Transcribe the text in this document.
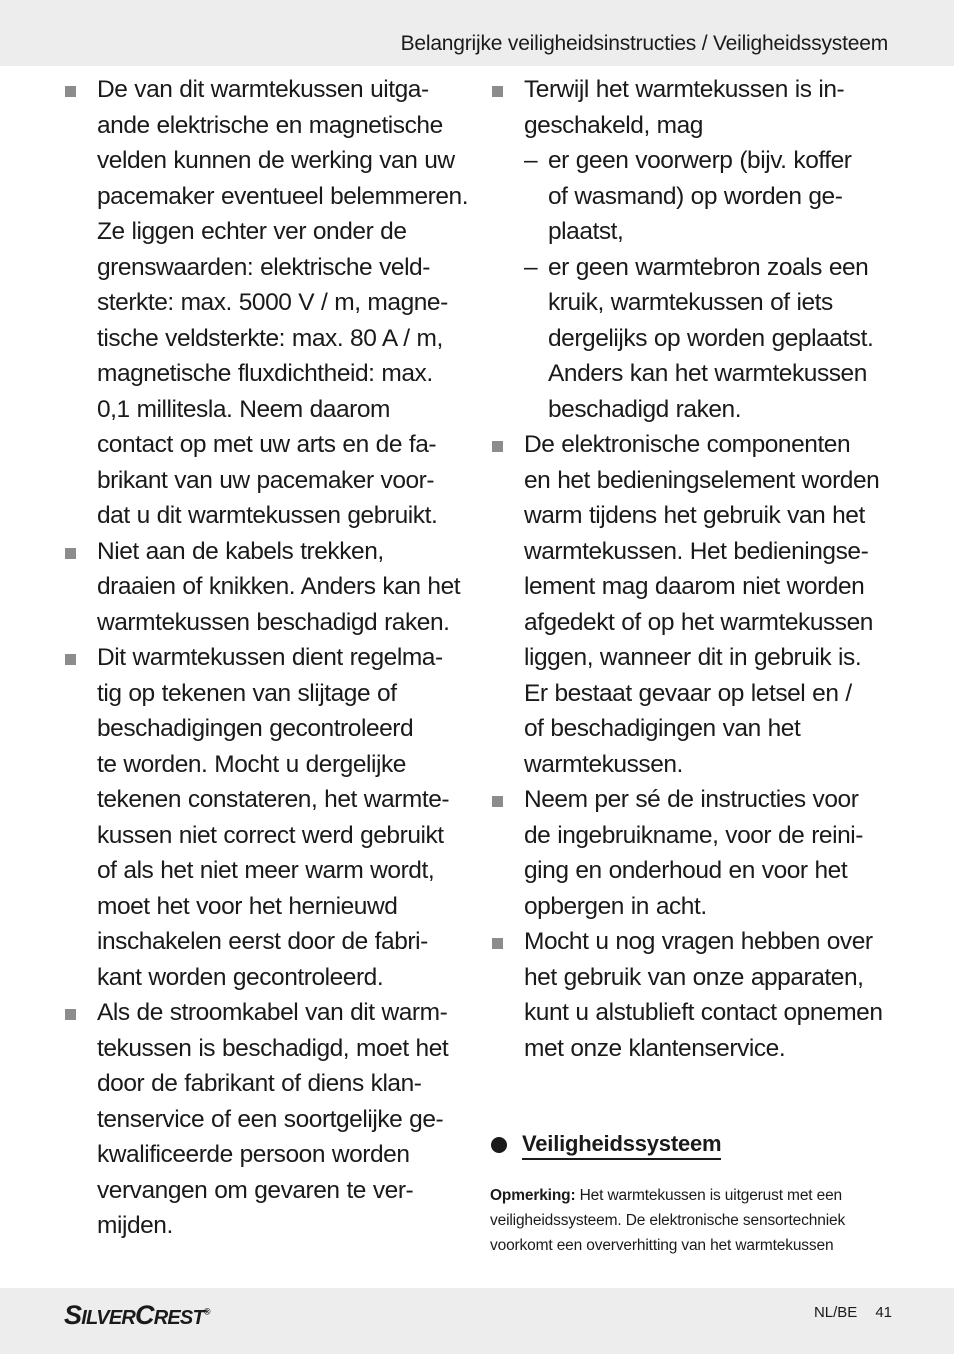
Belangrijke veiligheidsinstructies / Veiligheidssysteem
De van dit warmtekussen uitga-
ande elektrische en magnetische
velden kunnen de werking van uw
pacemaker eventueel belemmeren.
Ze liggen echter ver onder de
grenswaarden: elektrische veld-
sterkte: max. 5000 V / m, magne-
tische veldsterkte: max. 80 A / m,
magnetische fluxdichtheid: max.
0,1 millitesla. Neem daarom
contact op met uw arts en de fa-
brikant van uw pacemaker voor-
dat u dit warmtekussen gebruikt.
Niet aan de kabels trekken,
draaien of knikken. Anders kan het
warmtekussen beschadigd raken.
Dit warmtekussen dient regelma-
tig op tekenen van slijtage of
beschadigingen gecontroleerd
te worden. Mocht u dergelijke
tekenen constateren, het warmte-
kussen niet correct werd gebruikt
of als het niet meer warm wordt,
moet het voor het hernieuwd
inschakelen eerst door de fabri-
kant worden gecontroleerd.
Als de stroomkabel van dit warm-
tekussen is beschadigd, moet het
door de fabrikant of diens klan-
tenservice of een soortgelijke ge-
kwalificeerde persoon worden
vervangen om gevaren te ver-
mijden.
Terwijl het warmtekussen is in-
geschakeld, mag
– er geen voorwerp (bijv. koffer
of wasmand) op worden ge-
plaatst,
– er geen warmtebron zoals een
kruik, warmtekussen of iets
dergelijks op worden geplaatst.
Anders kan het warmtekussen
beschadigd raken.
De elektronische componenten
en het bedieningselement worden
warm tijdens het gebruik van het
warmtekussen. Het bedieningse-
lement mag daarom niet worden
afgedekt of op het warmtekussen
liggen, wanneer dit in gebruik is.
Er bestaat gevaar op letsel en /
of beschadigingen van het
warmtekussen.
Neem per sé de instructies voor
de ingebruikname, voor de reini-
ging en onderhoud en voor het
opbergen in acht.
Mocht u nog vragen hebben over
het gebruik van onze apparaten,
kunt u alstublieft contact opnemen
met onze klantenservice.
Veiligheidssysteem
Opmerking: Het warmtekussen is uitgerust met een
veiligheidssysteem. De elektronische sensortechniek
voorkomt een oververhitting van het warmtekussen
SILVERCREST®	NL/BE 41
